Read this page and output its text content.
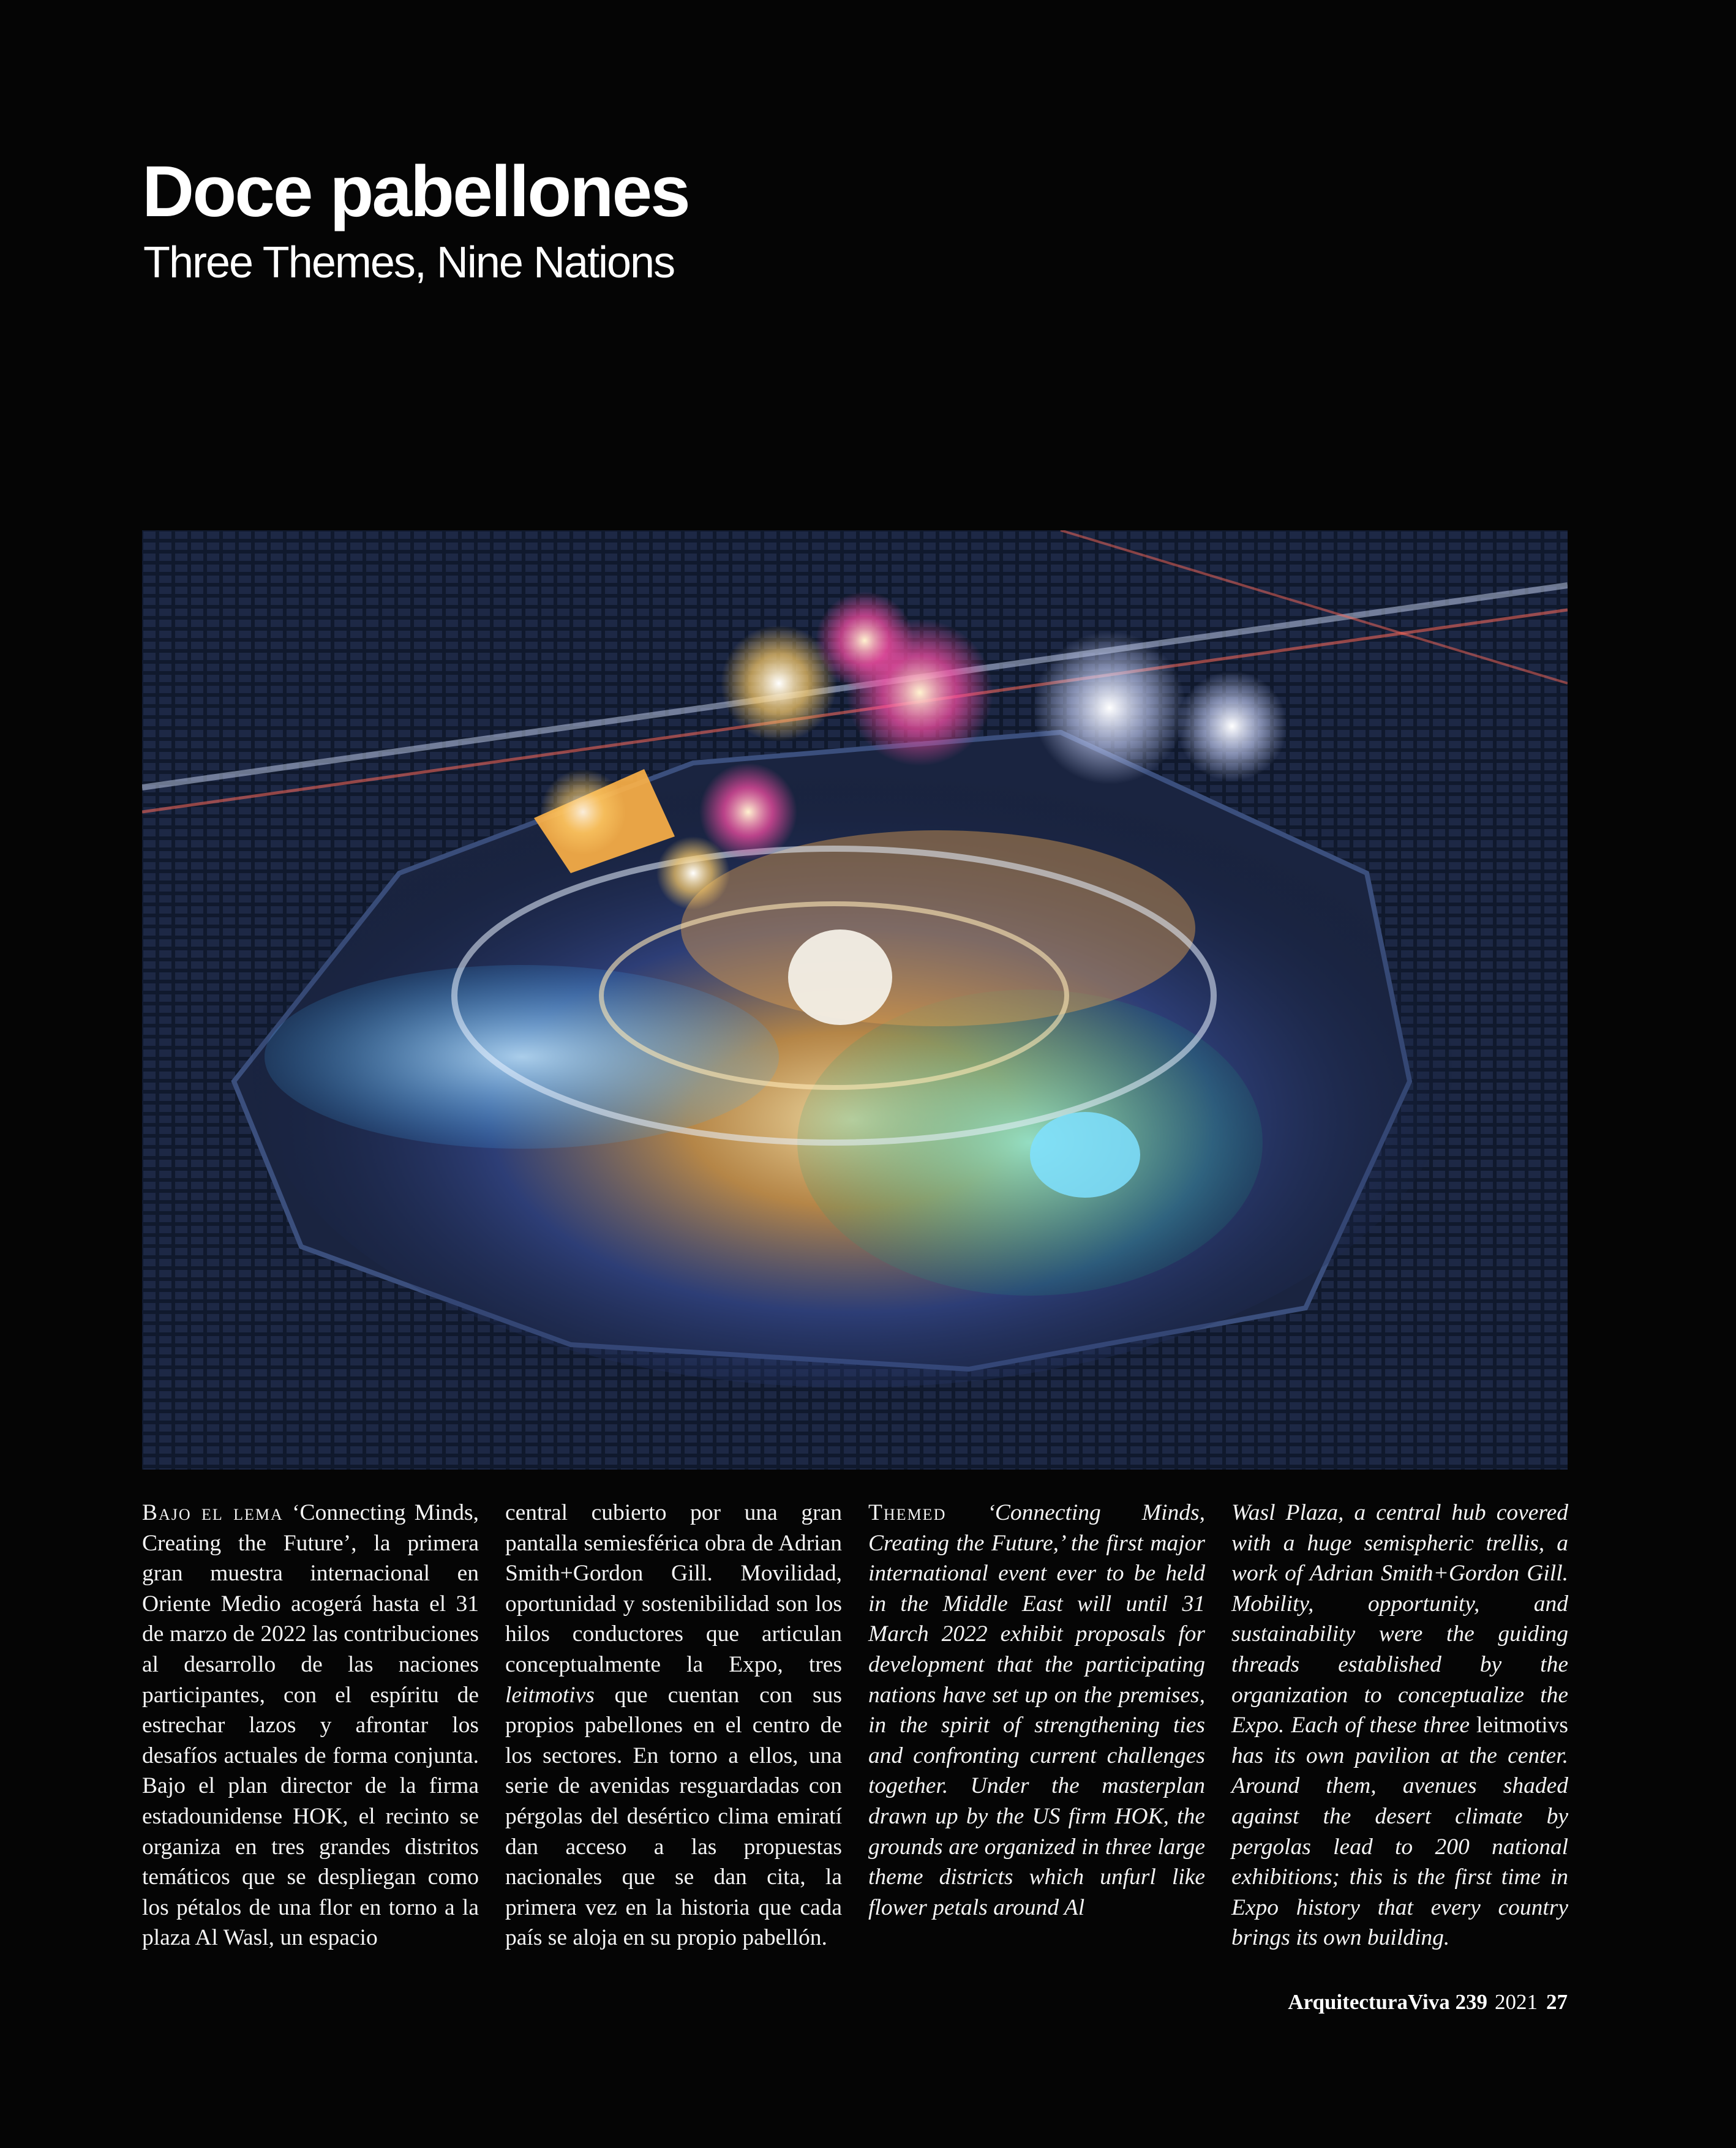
Doce pabellones
Three Themes, Nine Nations

Bajo el lema ‘Connecting Minds, Creating the Future’, la primera gran muestra internacional en Oriente Medio acogerá hasta el 31 de marzo de 2022 las contribuciones al desarrollo de las naciones participantes, con el espíritu de estrechar lazos y afrontar los desafíos actuales de forma conjunta. Bajo el plan director de la firma estadounidense HOK, el recinto se organiza en tres grandes distritos temáticos que se despliegan como los pétalos de una flor en torno a la plaza Al Wasl, un espacio

central cubierto por una gran pantalla semiesférica obra de Adrian Smith+Gordon Gill. Movilidad, oportunidad y sostenibilidad son los hilos conductores que articulan conceptualmente la Expo, tres leitmotivs que cuentan con sus propios pabellones en el centro de los sectores. En torno a ellos, una serie de avenidas resguardadas con pérgolas del desértico clima emiratí dan acceso a las propuestas nacionales que se dan cita, la primera vez en la historia que cada país se aloja en su propio pabellón.

Themed ‘Connecting Minds, Creating the Future,’ the first major international event ever to be held in the Middle East will until 31 March 2022 exhibit proposals for development that the participating nations have set up on the premises, in the spirit of strengthening ties and confronting current challenges together. Under the masterplan drawn up by the US firm HOK, the grounds are organized in three large theme districts which unfurl like flower petals around Al

Wasl Plaza, a central hub covered with a huge semispheric trellis, a work of Adrian Smith+Gordon Gill. Mobility, opportunity, and sustainability were the guiding threads established by the organization to conceptualize the Expo. Each of these three leitmotivs has its own pavilion at the center. Around them, avenues shaded against the desert climate by pergolas lead to 200 national exhibitions; this is the first time in Expo history that every country brings its own building.

ArquitecturaViva 239 2021 27
